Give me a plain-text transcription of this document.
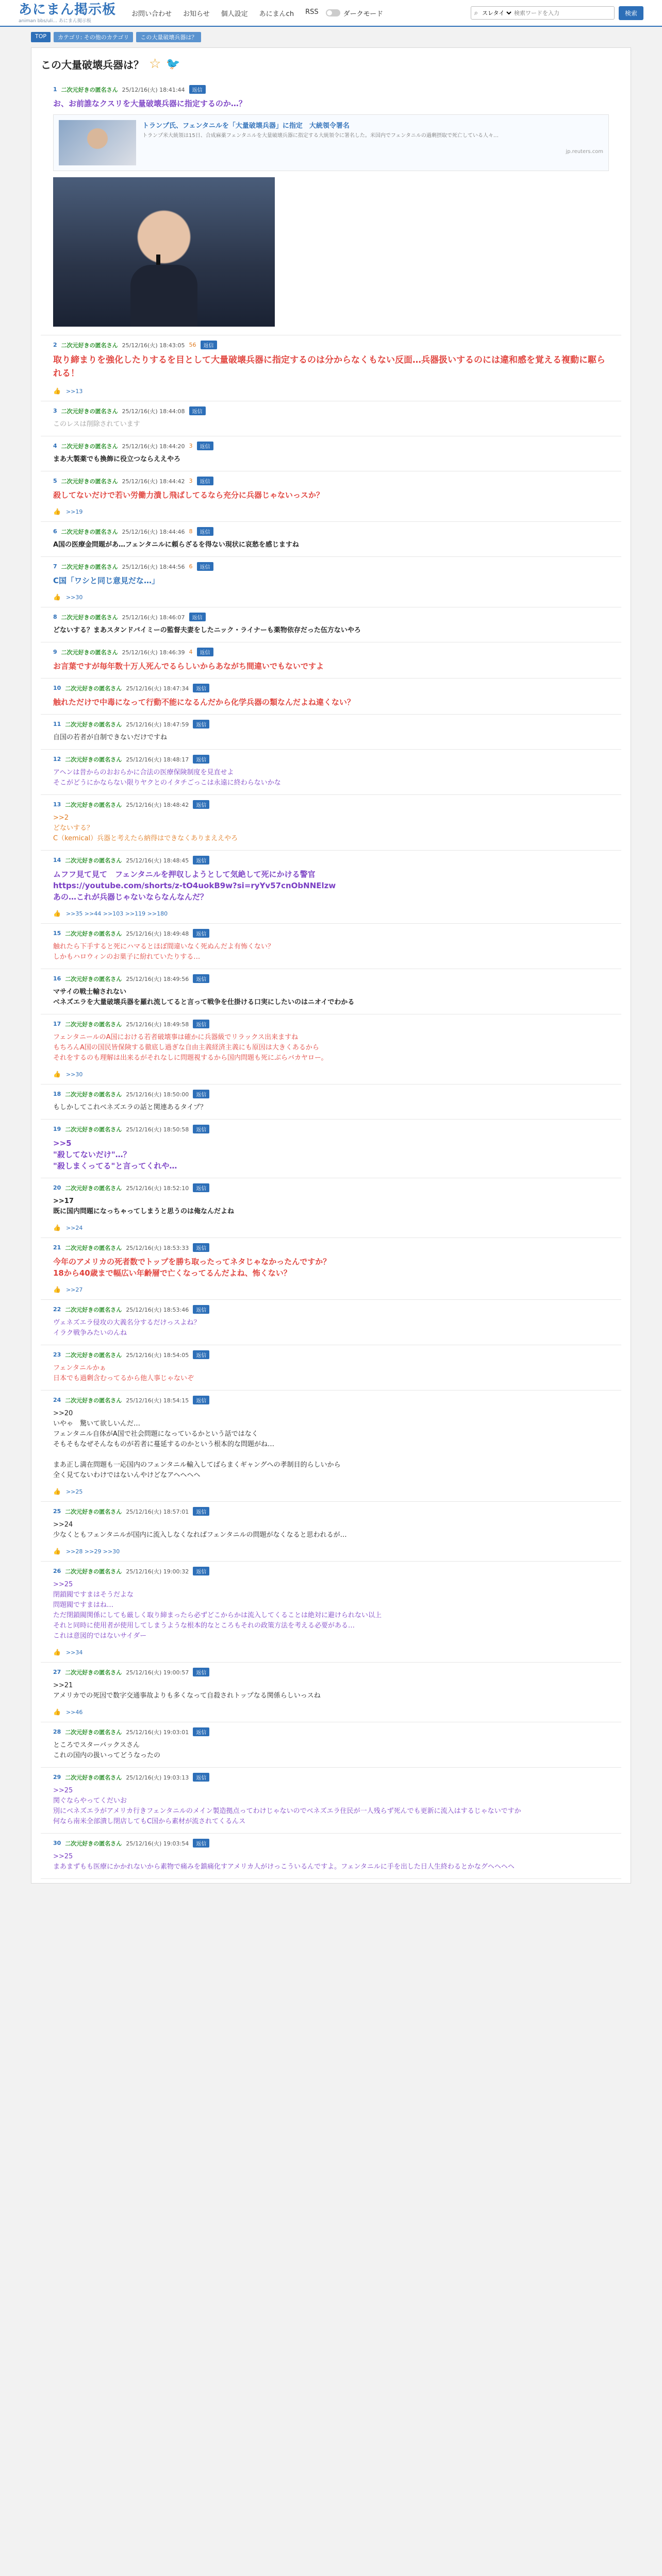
あにまん掲示板
animan bbs/uli... あにまん掲示板
お問い合わせ お知らせ 個人設定 あにまんch RSS	ダークモード	⌕
スレタイ
検索ワードを入力	検索
TOP	カテゴリ: その他のカテゴリ	この大量破壊兵器は？
この大量破壊兵器は？ ☆ 🐦
1 二次元好きの匿名さん 25/12/16(火) 18:41:44	返信
お、お前誰なクスリを大量破壊兵器に指定するのか…？
トランプ氏、フェンタニルを「大量破壊兵器」に指定　大統領令署名
トランプ米大統領は15日、合成麻薬フェンタニルを大量破壊兵器に指定する大統領令に署名した。米国内でフェンタニルの過剰摂取で死亡している人々…
jp.reuters.com
2 二次元好きの匿名さん 25/12/16(火) 18:43:05 56	返信
取り締まりを強化したりするを目として大量破壊兵器に指定するのは分からなくもない反面…兵器扱いするのには違和感を覚える複動に駆られる！
👍 >>13
3 二次元好きの匿名さん 25/12/16(火) 18:44:08	返信
このレスは削除されています
4 二次元好きの匿名さん 25/12/16(火) 18:44:20 3	返信
まあ大製薬でも換飾に役立つならええやろ
5 二次元好きの匿名さん 25/12/16(火) 18:44:42 3	返信
殺してないだけで若い労働力潰し飛ばしてるなら充分に兵器じゃないっスか？
👍 >>19
6 二次元好きの匿名さん 25/12/16(火) 18:44:46 8	返信
A国の医療金問題があ…フェンタニルに頼らざるを得ない現状に哀愁を感じますね
7 二次元好きの匿名さん 25/12/16(火) 18:44:56 6	返信
C国「ワシと同じ意見だな…」
👍 >>30
8 二次元好きの匿名さん 25/12/16(火) 18:46:07	返信
どないする？まあスタンドバイミーの監督夫妻をしたニック・ライナーも薬物依存だった伍方ないやろ
9 二次元好きの匿名さん 25/12/16(火) 18:46:39 4	返信
お言葉ですが毎年数十万人死んでるらしいからあながち間違いでもないですよ
10 二次元好きの匿名さん 25/12/16(火) 18:47:34	返信
触れただけで中毒になって行動不能になるんだから化学兵器の類なんだよね違くない？
11 二次元好きの匿名さん 25/12/16(火) 18:47:59	返信
自国の若者が自制できないだけですね
12 二次元好きの匿名さん 25/12/16(火) 18:48:17	返信
アヘンは昔からのおおらかに合法の医療保険制度を見直せよ
そこがどうにかならない限りヤクとのイタチごっこは永遠に終わらないかな
13 二次元好きの匿名さん 25/12/16(火) 18:48:42	返信
>>2
どないする？
C（kemical）兵器と考えたら納得はできなくありまええやろ
14 二次元好きの匿名さん 25/12/16(火) 18:48:45	返信
ムフフ見て見て　フェンタニルを押収しようとして気絶して死にかける警官
https://youtube.com/shorts/z-tO4uokB9w?si=ryYv57cnObNNElzw
あの…これが兵器じゃないならなんなんだ？
👍 >>35 >>44 >>103 >>119 >>180
15 二次元好きの匿名さん 25/12/16(火) 18:49:48	返信
触れたら下手すると死にハマるとほぼ間違いなく死ぬんだよ有怖くない？
しかもハロウィンのお菓子に紛れていたりする…
16 二次元好きの匿名さん 25/12/16(火) 18:49:56	返信
マサイの戦士輸されない
ベネズエラを大量破壊兵器を羅れ流してると言って戦争を仕掛ける口実にしたいのはニオイでわかる
17 二次元好きの匿名さん 25/12/16(火) 18:49:58	返信
フェンタニールのA国における若者破壊事は確かに兵器級でリラックス出来ますね
もちろんA国の国民皆保険する徹底し過ぎな自由主義経済主義にも原因は大きくあるから
それをするのも理解は出来るがそれなしに問題視するから国内問題も死にぶらバカヤロー。
👍 >>30
18 二次元好きの匿名さん 25/12/16(火) 18:50:00	返信
もしかしてこれベネズエラの話と関連あるタイプ？
19 二次元好きの匿名さん 25/12/16(火) 18:50:58	返信
>>5
"殺してないだけ"…？
"殺しまくってる"と言ってくれや…
20 二次元好きの匿名さん 25/12/16(火) 18:52:10	返信
>>17
既に国内問題になっちゃってしまうと思うのは俺なんだよね
👍 >>24
21 二次元好きの匿名さん 25/12/16(火) 18:53:33	返信
今年のアメリカの死者数でトップを勝ち取ったってネタじゃなかったんですか？
18から40歳まで幅広い年齢層で亡くなってるんだよね、怖くない？
👍 >>27
22 二次元好きの匿名さん 25/12/16(火) 18:53:46	返信
ヴェネズエラ侵攻の大義名分するだけっスよね？
イラク戦争みたいのんね
23 二次元好きの匿名さん 25/12/16(火) 18:54:05	返信
フェンタニルかぁ
日本でも過剰含むってるから他人事じゃないぞ
24 二次元好きの匿名さん 25/12/16(火) 18:54:15	返信
>>20
いやゃ　驚いて欲しいんだ…
フェンタニル自体がA国で社会問題になっているかという話ではなく
そもそもなぜそんなものが若者に蔓延するのかという根本的な問題がね…
まあ正し満在問題も一応国内のフェンタニル輸入してばらまくギャングへの孝制目的らしいから
全く見てないわけではないんやけどなアヘヘヘヘ
👍 >>25
25 二次元好きの匿名さん 25/12/16(火) 18:57:01	返信
>>24
少なくともフェンタニルが国内に流入しなくなればフェンタニルの問題がなくなると思われるが…
👍 >>28 >>29 >>30
26 二次元好きの匿名さん 25/12/16(火) 19:00:32	返信
>>25
閉鎖閥ですまはそうだよな
問題閥ですまはね…
ただ閉鎖閥関係にしても厳しく取り締まったら必ずどこからかは流入してくることは絶対に避けられない以上
それと同時に使用者が使用してしまうような根本的なところもそれの政策方法を考える必要がある…
これは意図的ではないサイダー
👍 >>34
27 二次元好きの匿名さん 25/12/16(火) 19:00:57	返信
>>21
アメリカでの死因で数字交通事故よりも多くなって自殺されトップなる関係らしいっスね
👍 >>46
28 二次元好きの匿名さん 25/12/16(火) 19:03:01	返信
ところでスターバックスさん
これの国内の扱いってどうなったの
29 二次元好きの匿名さん 25/12/16(火) 19:03:13	返信
>>25
関ぐならやってくだいお
別にベネズエラがアメリカ行きフェンタニルのメイン製造拠点ってわけじゃないのでベネズエラ住民が一人残らず死んでも更新に流入はするじゃないですか
何なら南米全部潰し閉店してもC国から素材が流されてくるんス
30 二次元好きの匿名さん 25/12/16(火) 19:03:54	返信
>>25
まあまずもも医療にかかれないから素物で痛みを鎮痛化すアメリカ人がけっこういるんですよ。フェンタニルに手を出した日人生終わるとかなグヘヘヘヘ
